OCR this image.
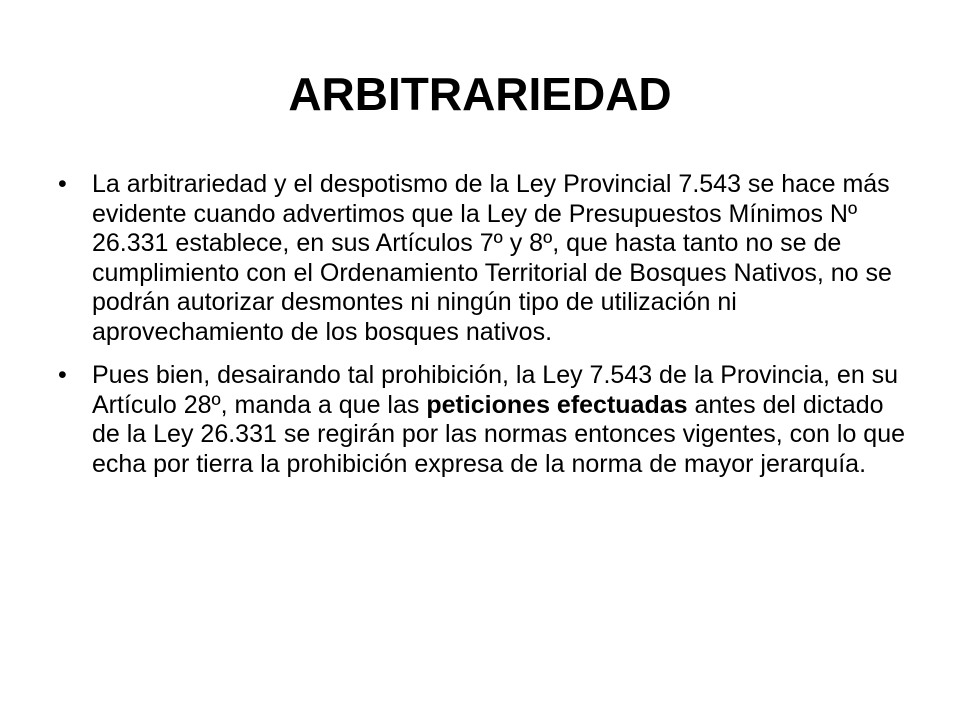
ARBITRARIEDAD
• La arbitrariedad y el despotismo de la Ley Provincial 7.543 se hace más evidente cuando advertimos que la Ley de Presupuestos Mínimos Nº 26.331 establece, en sus Artículos 7º y 8º, que hasta tanto no se de cumplimiento con el Ordenamiento Territorial de Bosques Nativos, no se podrán autorizar desmontes ni ningún tipo de utilización ni aprovechamiento de los bosques nativos.
• Pues bien, desairando tal prohibición, la Ley 7.543 de la Provincia, en su Artículo 28º, manda a que las peticiones efectuadas antes del dictado de la Ley 26.331 se regirán por las normas entonces vigentes, con lo que echa por tierra la prohibición expresa de la norma de mayor jerarquía.
